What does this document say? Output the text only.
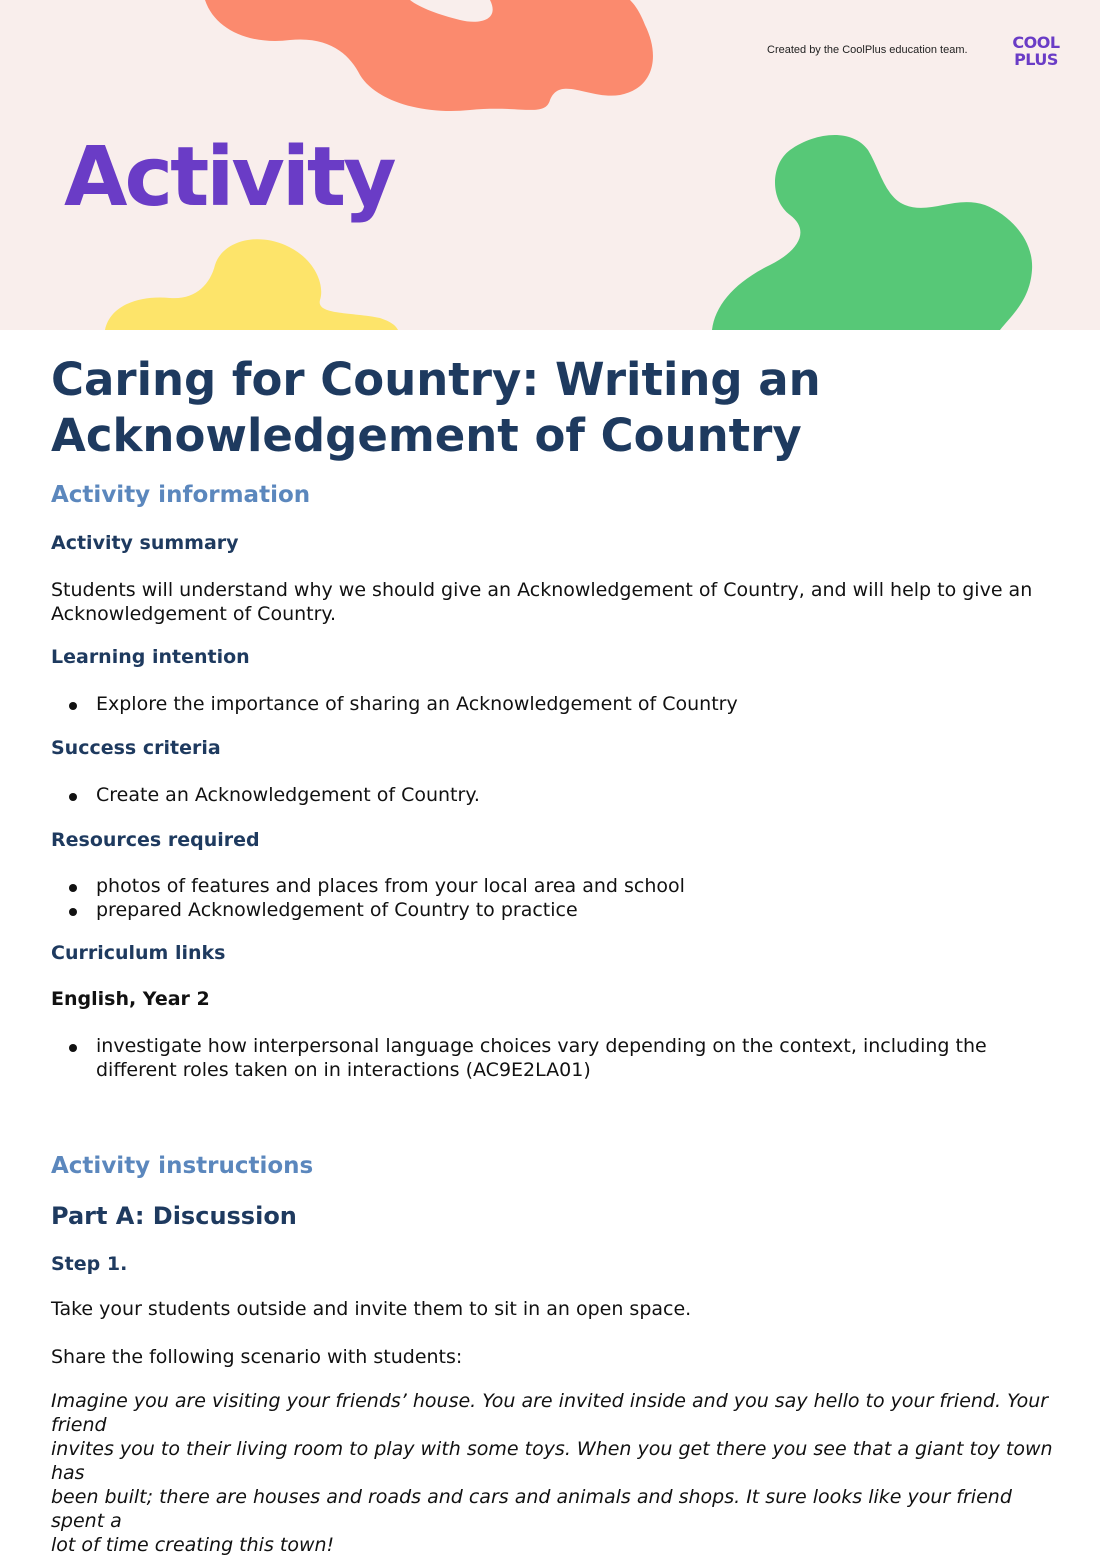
Created by the CoolPlus education team.	COOL
PLUS
Activity
Caring for Country: Writing an
Acknowledgement of Country
Activity information
Activity summary
Students will understand why we should give an Acknowledgement of Country, and will help to give an
Acknowledgement of Country.
Learning intention
Explore the importance of sharing an Acknowledgement of Country
Success criteria
Create an Acknowledgement of Country.
Resources required
photos of features and places from your local area and school
prepared Acknowledgement of Country to practice
Curriculum links
English, Year 2
investigate how interpersonal language choices vary depending on the context, including the
different roles taken on in interactions (AC9E2LA01)
Activity instructions
Part A: Discussion
Step 1.
Take your students outside and invite them to sit in an open space.
Share the following scenario with students:
Imagine you are visiting your friends’ house. You are invited inside and you say hello to your friend. Your friend
invites you to their living room to play with some toys. When you get there you see that a giant toy town has
been built; there are houses and roads and cars and animals and shops. It sure looks like your friend spent a
lot of time creating this town!
